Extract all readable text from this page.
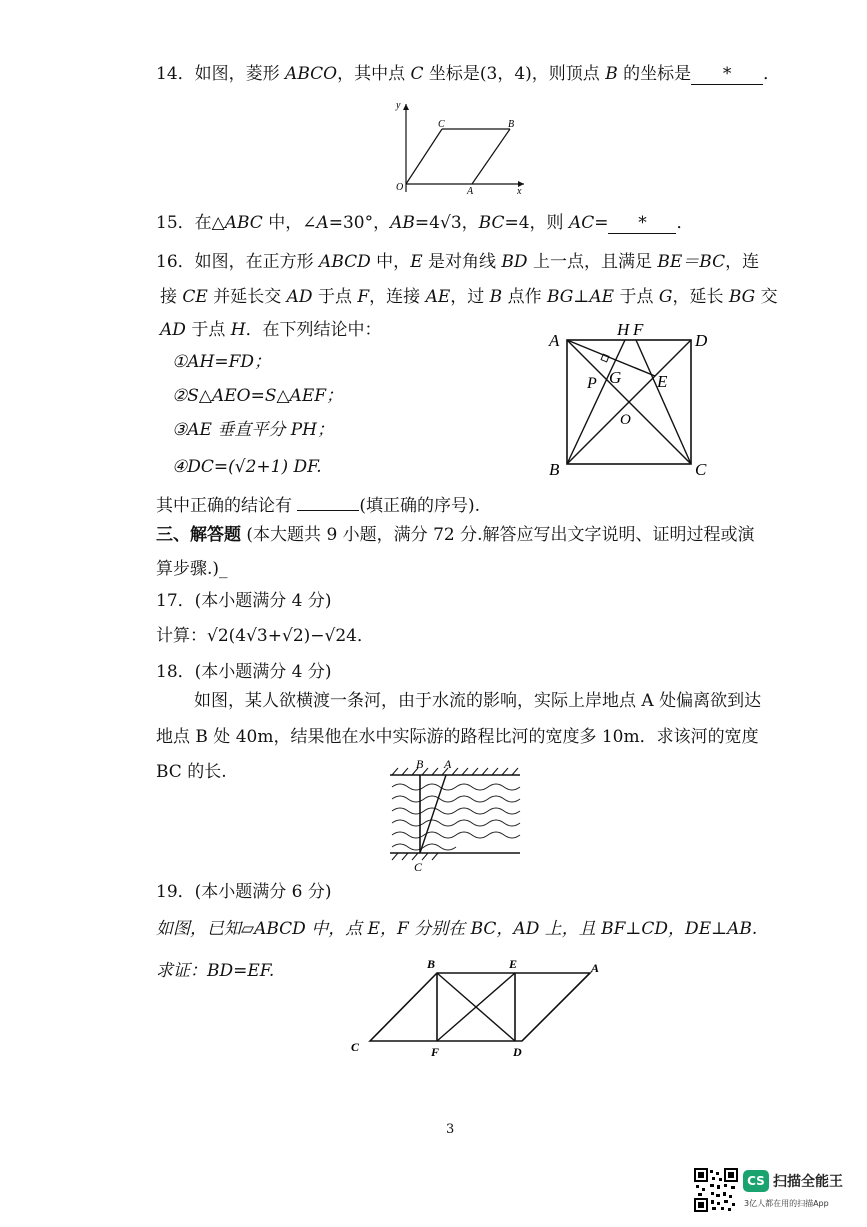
14．如图，菱形 ABCO，其中点 C 坐标是(3，4)，则顶点 B 的坐标是 * ．
y
C	B
O	A	x
15．在△ABC 中，∠A=30°，AB=4√3，BC=4，则 AC= * ．
16．如图，在正方形 ABCD 中，E 是对角线 BD 上一点，且满足 BE＝BC，连
接 CE 并延长交 AD 于点 F，连接 AE，过 B 点作 BG⊥AE 于点 G，延长 BG 交
AD 于点 H．在下列结论中：
①AH=FD；
②S△AEO=S△AEF；
③AE 垂直平分 PH；
④DC=(√2+1) DF.
H F
A	D
P G E
O
B	C
其中正确的结论有	(填正确的序号).
三、解答题 (本大题共 9 小题，满分 72 分.解答应写出文字说明、证明过程或演
算步骤.)_
17．(本小题满分 4 分)
计算：√2(4√3+√2)−√24．
18．(本小题满分 4 分)
如图，某人欲横渡一条河，由于水流的影响，实际上岸地点 A 处偏离欲到达
地点 B 处 40m，结果他在水中实际游的路程比河的宽度多 10m．求该河的宽度
BC 的长.	B A
C
19．(本小题满分 6 分)
如图，已知▱ABCD 中，点 E，F 分别在 BC，AD 上，且 BF⊥CD，DE⊥AB.
求证：BD=EF.	B	E	A
C	F	D
3
CS 扫描全能王
3亿人都在用的扫描App
